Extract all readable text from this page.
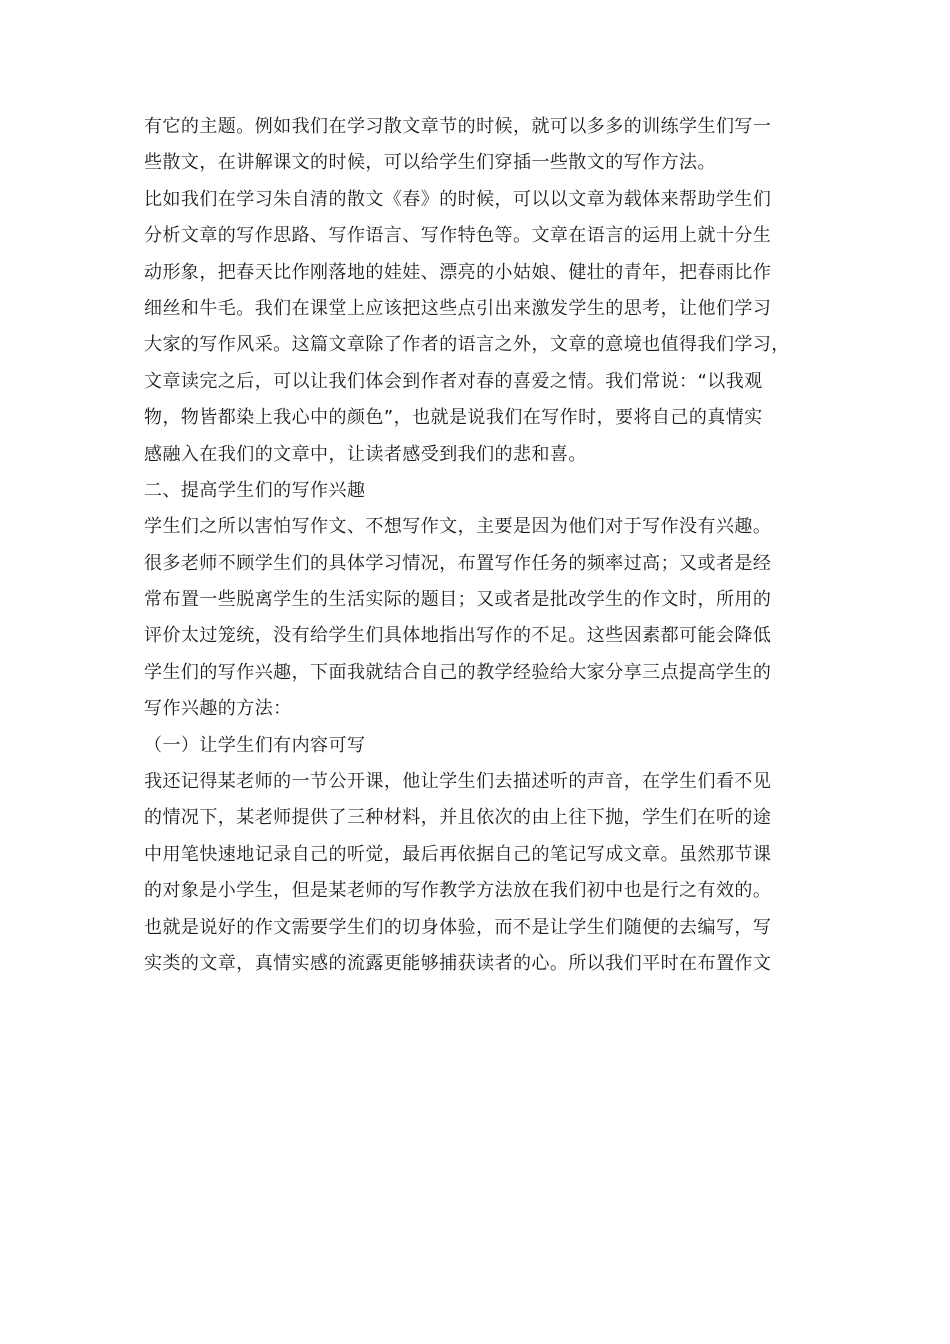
有它的主题。例如我们在学习散文章节的时候，就可以多多的训练学生们写一
些散文，在讲解课文的时候，可以给学生们穿插一些散文的写作方法。
比如我们在学习朱自清的散文《春》的时候，可以以文章为载体来帮助学生们
分析文章的写作思路、写作语言、写作特色等。文章在语言的运用上就十分生
动形象，把春天比作刚落地的娃娃、漂亮的小姑娘、健壮的青年，把春雨比作
细丝和牛毛。我们在课堂上应该把这些点引出来激发学生的思考，让他们学习
大家的写作风采。这篇文章除了作者的语言之外，文章的意境也值得我们学习，
文章读完之后，可以让我们体会到作者对春的喜爱之情。我们常说：“以我观
物，物皆都染上我心中的颜色”，也就是说我们在写作时，要将自己的真情实
感融入在我们的文章中，让读者感受到我们的悲和喜。
二、提高学生们的写作兴趣
学生们之所以害怕写作文、不想写作文，主要是因为他们对于写作没有兴趣。
很多老师不顾学生们的具体学习情况，布置写作任务的频率过高；又或者是经
常布置一些脱离学生的生活实际的题目；又或者是批改学生的作文时，所用的
评价太过笼统，没有给学生们具体地指出写作的不足。这些因素都可能会降低
学生们的写作兴趣，下面我就结合自己的教学经验给大家分享三点提高学生的
写作兴趣的方法：
（一）让学生们有内容可写
我还记得某老师的一节公开课，他让学生们去描述听的声音，在学生们看不见
的情况下，某老师提供了三种材料，并且依次的由上往下抛，学生们在听的途
中用笔快速地记录自己的听觉，最后再依据自己的笔记写成文章。虽然那节课
的对象是小学生，但是某老师的写作教学方法放在我们初中也是行之有效的。
也就是说好的作文需要学生们的切身体验，而不是让学生们随便的去编写，写
实类的文章，真情实感的流露更能够捕获读者的心。所以我们平时在布置作文
